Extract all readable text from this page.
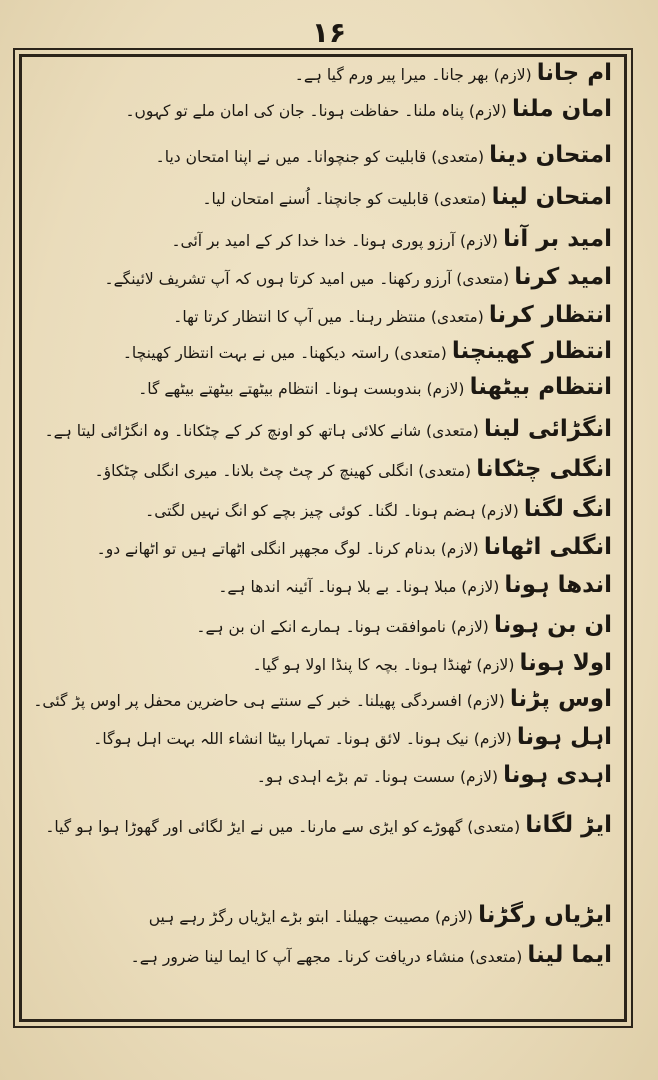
۱۶
ام جانا (لازم) بھر جانا۔ میرا پیر ورم گیا ہے۔
امان ملنا (لازم) پناہ ملنا۔ حفاظت ہونا۔ جان کی امان ملے تو کہوں۔
امتحان دینا (متعدی) قابلیت کو جنچوانا۔ میں نے اپنا امتحان دیا۔
امتحان لینا (متعدی) قابلیت کو جانچنا۔ اُسنے امتحان لیا۔
امید بر آنا (لازم) آرزو پوری ہونا۔ خدا خدا کر کے امید بر آئی۔
امید کرنا (متعدی) آرزو رکھنا۔ میں امید کرتا ہوں کہ آپ تشریف لائینگے۔
انتظار کرنا (متعدی) منتظر رہنا۔ میں آپ کا انتظار کرتا تھا۔
انتظار کھینچنا (متعدی) راستہ دیکھنا۔ میں نے بہت انتظار کھینچا۔
انتظام بیٹھنا (لازم) بندوبست ہونا۔ انتظام بیٹھتے بیٹھتے بیٹھے گا۔
انگڑائی لینا (متعدی) شانے کلائی ہاتھ کو اونچ کر کے چٹکانا۔ وہ انگڑائی لیتا ہے۔
انگلی چٹکانا (متعدی) انگلی کھینچ کر چٹ چٹ بلانا۔ میری انگلی چٹکاؤ۔
انگ لگنا (لازم) ہضم ہونا۔ لگنا۔ کوئی چیز بچے کو انگ نہیں لگتی۔
انگلی اٹھانا (لازم) بدنام کرنا۔ لوگ مجھپر انگلی اٹھاتے ہیں تو اٹھانے دو۔
اندھا ہونا (لازم) مبلا ہونا۔ بے بلا ہونا۔ آئینہ اندھا ہے۔
ان بن ہونا (لازم) ناموافقت ہونا۔ ہمارے انکے ان بن ہے۔
اولا ہونا (لازم) ٹھنڈا ہونا۔ بچہ کا پنڈا اولا ہو گیا۔
اوس پڑنا (لازم) افسردگی پھیلنا۔ خبر کے سنتے ہی حاضرین محفل پر اوس پڑ گئی۔
اہل ہونا (لازم) نیک ہونا۔ لائق ہونا۔ تمہارا بیٹا انشاء اللہ بہت اہل ہوگا۔
اہدی ہونا (لازم) سست ہونا۔ تم بڑے اہدی ہو۔
ایڑ لگانا (متعدی) گھوڑے کو ایڑی سے مارنا۔ میں نے ایڑ لگائی اور گھوڑا ہوا ہو گیا۔
ایڑیاں رگڑنا (لازم) مصیبت جھیلنا۔ ابتو بڑے ایڑیاں رگڑ رہے ہیں
ایما لینا (متعدی) منشاء دریافت کرنا۔ مجھے آپ کا ایما لینا ضرور ہے۔
